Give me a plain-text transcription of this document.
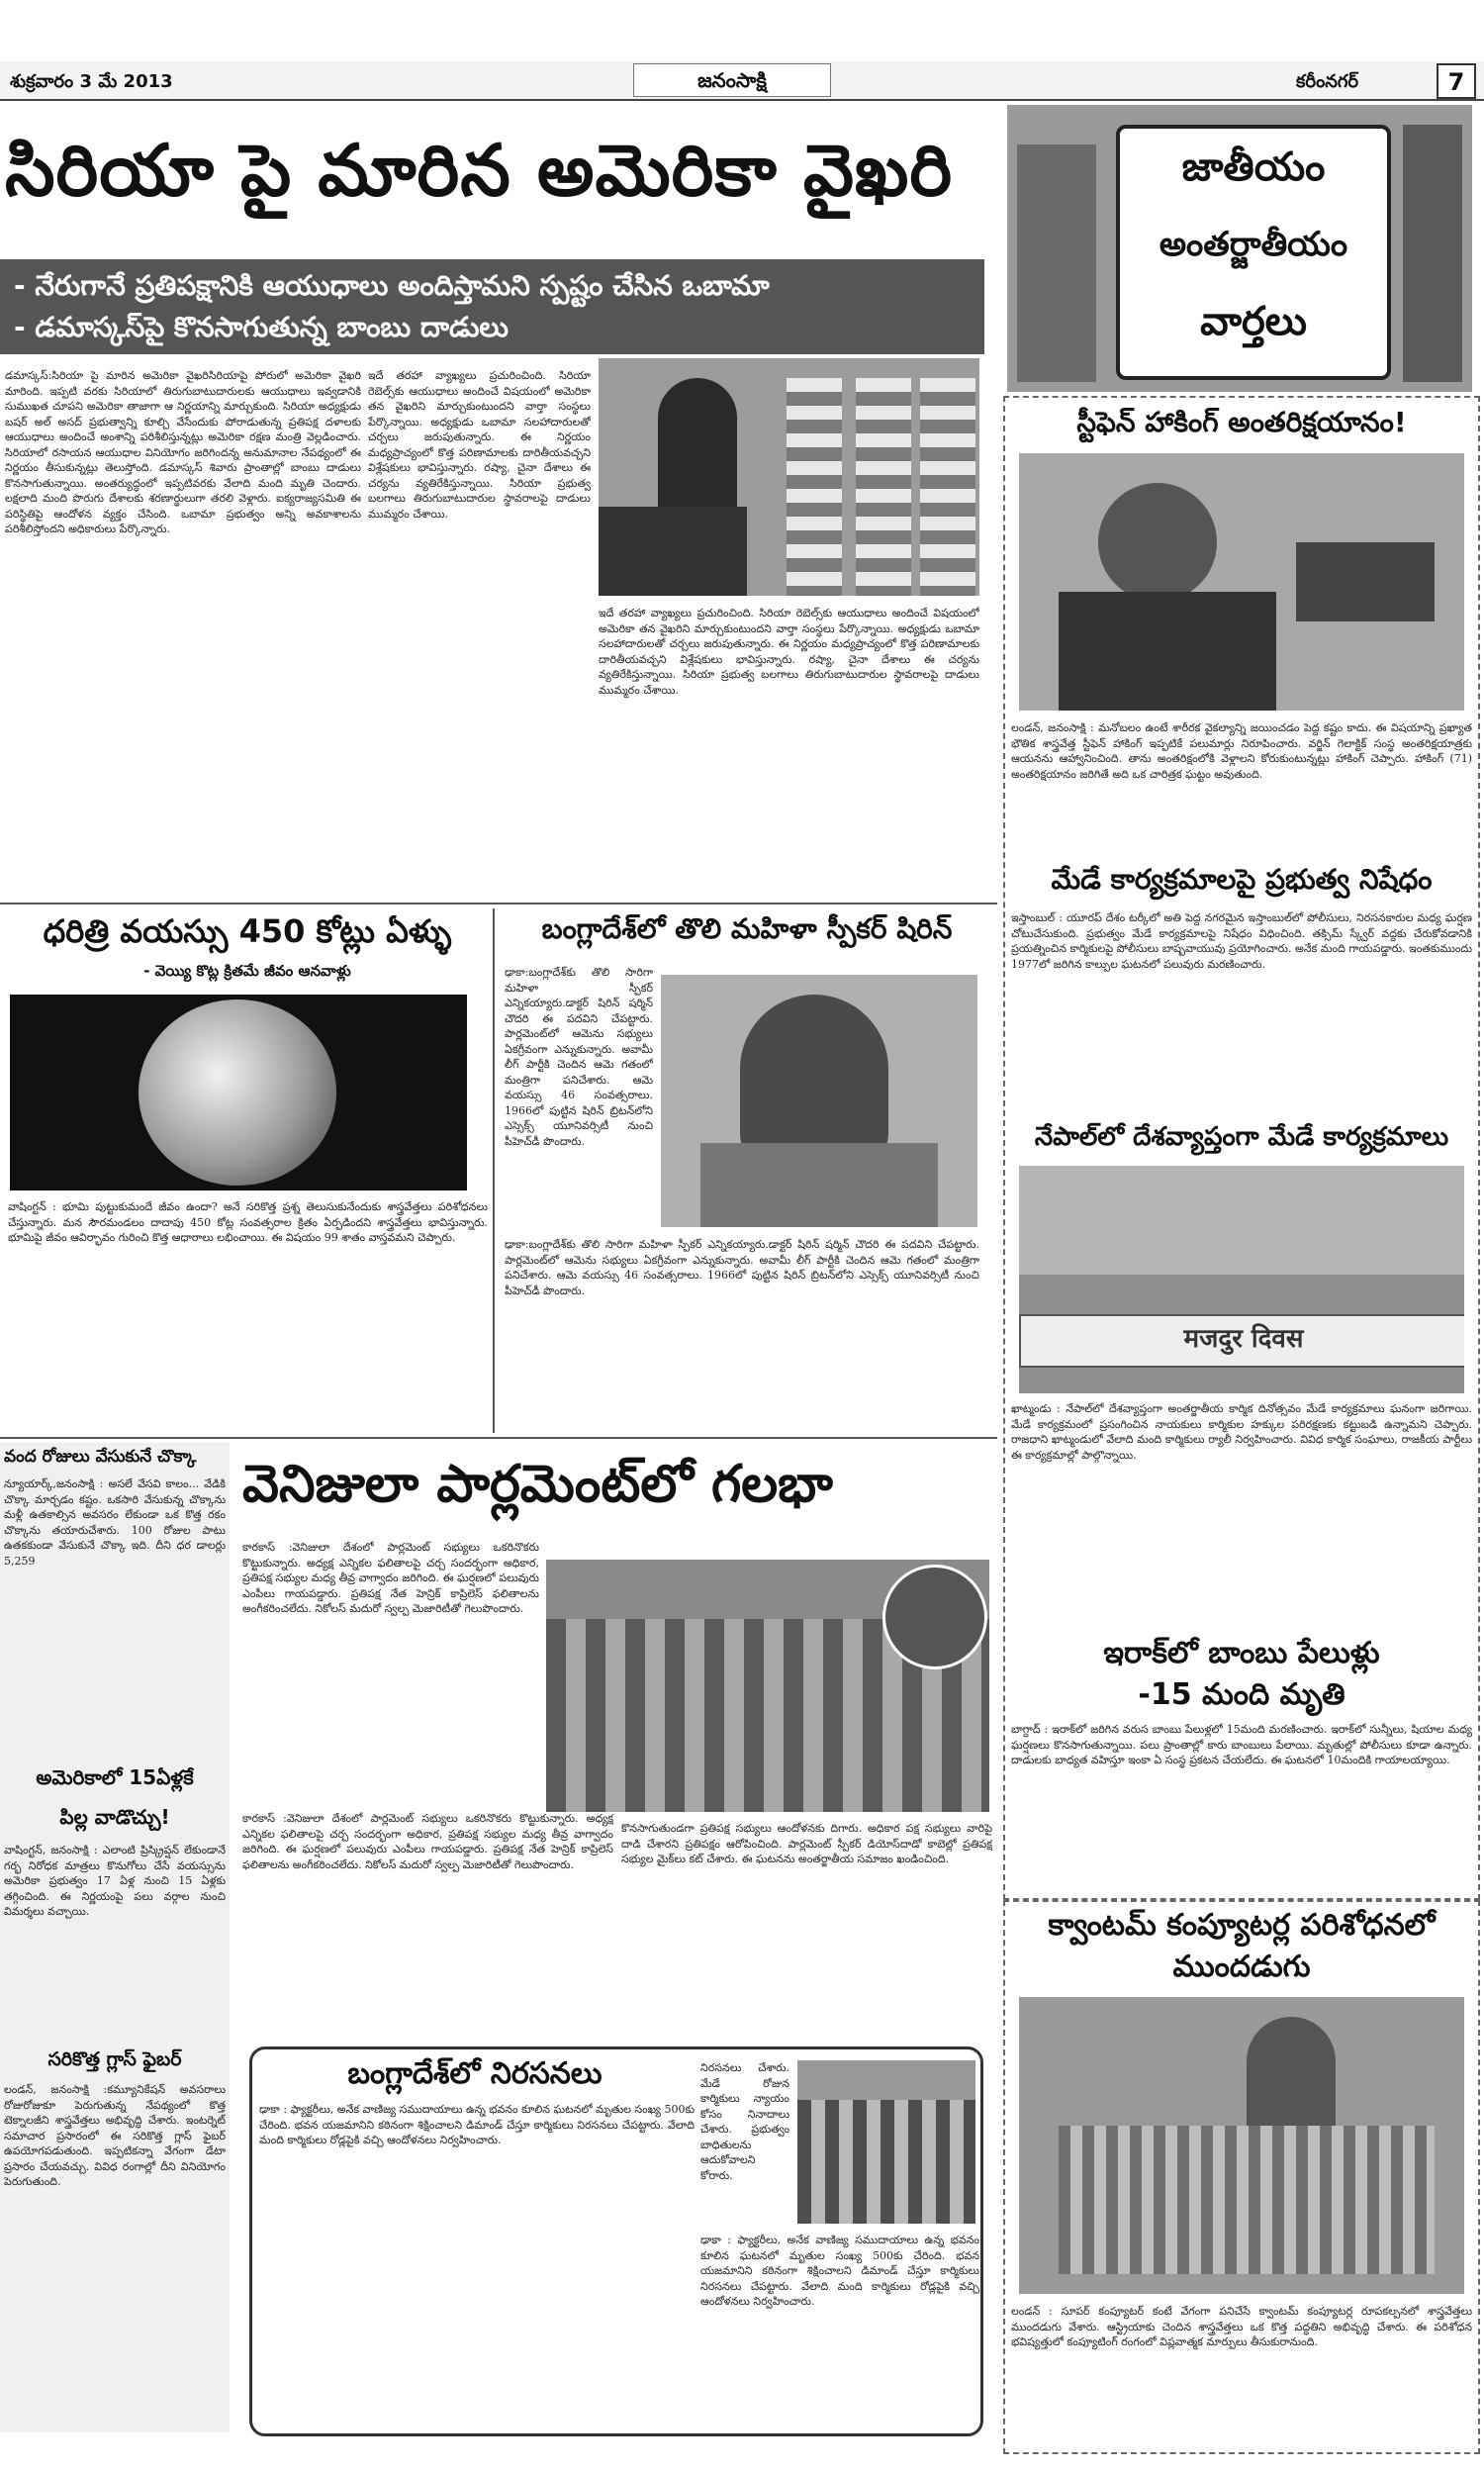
శుక్రవారం 3 మే 2013	జనంసాక్షి	కరీంనగర్	7
సిరియా పై మారిన అమెరికా వైఖరి
- నేరుగానే ప్రతిపక్షానికి ఆయుధాలు అందిస్తామని స్పష్టం చేసిన ఒబామా
- డమాస్కస్‌పై కొనసాగుతున్న బాంబు దాడులు
జాతీయం
అంతర్జాతీయం
వార్తలు
డమాస్కస్‌:సిరియా పై మారిన అమెరికా వైఖరిసిరియాపై పోరులో అమెరికా వైఖరి మారింది. ఇప్పటి వరకు సిరియాలో తిరుగుబాటుదారులకు ఆయుధాలు ఇవ్వడానికి సుముఖత చూపని అమెరికా తాజాగా ఆ నిర్ణయాన్ని మార్చుకుంది. సిరియా అధ్యక్షుడు బషర్‌ అల్‌ అసద్‌ ప్రభుత్వాన్ని కూల్చి వేసేందుకు పోరాడుతున్న ప్రతిపక్ష దళాలకు ఆయుధాలు అందించే అంశాన్ని పరిశీలిస్తున్నట్లు అమెరికా రక్షణ మంత్రి వెల్లడించారు. సిరియాలో రసాయన ఆయుధాల వినియోగం జరిగిందన్న అనుమానాల నేపథ్యంలో ఈ నిర్ణయం తీసుకున్నట్లు తెలుస్తోంది. డమాస్కస్‌ శివారు ప్రాంతాల్లో బాంబు దాడులు కొనసాగుతున్నాయి. అంతర్యుద్ధంలో ఇప్పటివరకు వేలాది మంది మృతి చెందారు. లక్షలాది మంది పొరుగు దేశాలకు శరణార్థులుగా తరలి వెళ్లారు. ఐక్యరాజ్యసమితి ఈ పరిస్థితిపై ఆందోళన వ్యక్తం చేసింది. ఒబామా ప్రభుత్వం అన్ని అవకాశాలను పరిశీలిస్తోందని అధికారులు పేర్కొన్నారు.
ఇదే తరహా వ్యాఖ్యలు ప్రచురించింది. సిరియా రెబెల్స్‌కు ఆయుధాలు అందించే విషయంలో అమెరికా తన వైఖరిని మార్చుకుంటుందని వార్తా సంస్థలు పేర్కొన్నాయి. అధ్యక్షుడు ఒబామా సలహాదారులతో చర్చలు జరుపుతున్నారు. ఈ నిర్ణయం మధ్యప్రాచ్యంలో కొత్త పరిణామాలకు దారితీయవచ్చని విశ్లేషకులు భావిస్తున్నారు. రష్యా, చైనా దేశాలు ఈ చర్యను వ్యతిరేకిస్తున్నాయి. సిరియా ప్రభుత్వ బలగాలు తిరుగుబాటుదారుల స్థావరాలపై దాడులు ముమ్మరం చేశాయి.
ఇదే తరహా వ్యాఖ్యలు ప్రచురించింది. సిరియా రెబెల్స్‌కు ఆయుధాలు అందించే విషయంలో అమెరికా తన వైఖరిని మార్చుకుంటుందని వార్తా సంస్థలు పేర్కొన్నాయి. అధ్యక్షుడు ఒబామా సలహాదారులతో చర్చలు జరుపుతున్నారు. ఈ నిర్ణయం మధ్యప్రాచ్యంలో కొత్త పరిణామాలకు దారితీయవచ్చని విశ్లేషకులు భావిస్తున్నారు. రష్యా, చైనా దేశాలు ఈ చర్యను వ్యతిరేకిస్తున్నాయి. సిరియా ప్రభుత్వ బలగాలు తిరుగుబాటుదారుల స్థావరాలపై దాడులు ముమ్మరం చేశాయి.
స్టీఫెన్‌ హాకింగ్‌ అంతరిక్షయానం!
లండన్‌, జనంసాక్షి : మనోబలం ఉంటే శారీరక వైకల్యాన్ని జయించడం పెద్ద కష్టం కాదు. ఈ విషయాన్ని ప్రఖ్యాత భౌతిక శాస్త్రవేత్త స్టీఫెన్‌ హాకింగ్‌ ఇప్పటికే పలుమార్లు నిరూపించారు. వర్జిన్‌ గెలాక్టిక్‌ సంస్థ అంతరిక్షయాత్రకు ఆయనను ఆహ్వానించింది. తాను అంతరిక్షంలోకి వెళ్లాలని కోరుకుంటున్నట్లు హాకింగ్‌ చెప్పారు. హాకింగ్‌ (71) అంతరిక్షయానం జరిగితే అది ఒక చారిత్రక ఘట్టం అవుతుంది.
మేడే కార్యక్రమాలపై ప్రభుత్వ నిషేధం
ఇస్తాంబుల్‌ : యూరప్‌ దేశం టర్కీలో అతి పెద్ద నగరమైన ఇస్తాంబుల్‌లో పోలీసులు, నిరసనకారుల మధ్య ఘర్షణ చోటుచేసుకుంది. ప్రభుత్వం మేడే కార్యక్రమాలపై నిషేధం విధించింది. తక్సిమ్‌ స్క్వేర్‌ వద్దకు చేరుకోవడానికి ప్రయత్నించిన కార్మికులపై పోలీసులు బాష్పవాయువు ప్రయోగించారు. అనేక మంది గాయపడ్డారు. ఇంతకుముందు 1977లో జరిగిన కాల్పుల ఘటనలో పలువురు మరణించారు.
నేపాల్‌లో దేశవ్యాప్తంగా మేడే కార్యక్రమాలు
मजदुर दिवस
ఖాట్మండు : నేపాల్‌లో దేశవ్యాప్తంగా అంతర్జాతీయ కార్మిక దినోత్సవం మేడే కార్యక్రమాలు ఘనంగా జరిగాయి. మేడే కార్యక్రమంలో ప్రసంగించిన నాయకులు కార్మికుల హక్కుల పరిరక్షణకు కట్టుబడి ఉన్నామని చెప్పారు. రాజధాని ఖాట్మండులో వేలాది మంది కార్మికులు ర్యాలీ నిర్వహించారు. వివిధ కార్మిక సంఘాలు, రాజకీయ పార్టీలు ఈ కార్యక్రమాల్లో పాల్గొన్నాయి.
ఇరాక్‌లో బాంబు పేలుళ్లు
-15 మంది మృతి
బాగ్దాద్‌ : ఇరాక్‌లో జరిగిన వరుస బాంబు పేలుళ్లలో 15మంది మరణించారు. ఇరాక్‌లో సున్నీలు, షియాల మధ్య ఘర్షణలు కొనసాగుతున్నాయి. పలు ప్రాంతాల్లో కారు బాంబులు పేలాయి. మృతుల్లో పోలీసులు కూడా ఉన్నారు. దాడులకు బాధ్యత వహిస్తూ ఇంకా ఏ సంస్థ ప్రకటన చేయలేదు. ఈ ఘటనలో 10మందికి గాయాలయ్యాయి.
క్వాంటమ్‌ కంప్యూటర్ల పరిశోధనలో
ముందడుగు
లండన్‌ : సూపర్‌ కంప్యూటర్‌ కంటే వేగంగా పనిచేసే క్వాంటమ్‌ కంప్యూటర్ల రూపకల్పనలో శాస్త్రవేత్తలు ముందడుగు వేశారు. ఆస్ట్రియాకు చెందిన శాస్త్రవేత్తలు ఒక కొత్త పద్ధతిని అభివృద్ధి చేశారు. ఈ పరిశోధన భవిష్యత్తులో కంప్యూటింగ్‌ రంగంలో విప్లవాత్మక మార్పులు తీసుకురానుంది.
ధరిత్రి వయస్సు 450 కోట్లు ఏళ్ళు
- వెయ్యి కొట్ల క్రితమే జీవం ఆనవాళ్లు
వాషింగ్టన్‌ : భూమి పుట్టుకుమందే జీవం ఉందా? అనే సరికొత్త ప్రశ్న తెలుసుకునేందుకు శాస్త్రవేత్తలు పరిశోధనలు చేస్తున్నారు. మన సౌరమండలం దాదాపు 450 కోట్ల సంవత్సరాల క్రితం ఏర్పడిందని శాస్త్రవేత్తలు భావిస్తున్నారు. భూమిపై జీవం ఆవిర్భావం గురించి కొత్త ఆధారాలు లభించాయి. ఈ విషయం 99 శాతం వాస్తవమని చెప్పారు.
బంగ్లాదేశ్‌లో తొలి మహిళా స్పీకర్‌ షిరిన్‌
ఢాకా:బంగ్లాదేశ్‌కు తొలి సారిగా మహిళా స్పీకర్‌ ఎన్నికయ్యారు.డాక్టర్‌ షిరిన్‌ షర్మిన్‌ చౌదరి ఈ పదవిని చేపట్టారు. పార్లమెంట్‌లో ఆమెను సభ్యులు ఏకగ్రీవంగా ఎన్నుకున్నారు. అవామీ లీగ్‌ పార్టీకి చెందిన ఆమె గతంలో మంత్రిగా పనిచేశారు. ఆమె వయస్సు 46 సంవత్సరాలు. 1966లో పుట్టిన షిరిన్‌ బ్రిటన్‌లోని ఎస్సెక్స్‌ యూనివర్సిటీ నుంచి పీహెచ్‌డీ పొందారు.
ఢాకా:బంగ్లాదేశ్‌కు తొలి సారిగా మహిళా స్పీకర్‌ ఎన్నికయ్యారు.డాక్టర్‌ షిరిన్‌ షర్మిన్‌ చౌదరి ఈ పదవిని చేపట్టారు. పార్లమెంట్‌లో ఆమెను సభ్యులు ఏకగ్రీవంగా ఎన్నుకున్నారు. అవామీ లీగ్‌ పార్టీకి చెందిన ఆమె గతంలో మంత్రిగా పనిచేశారు. ఆమె వయస్సు 46 సంవత్సరాలు. 1966లో పుట్టిన షిరిన్‌ బ్రిటన్‌లోని ఎస్సెక్స్‌ యూనివర్సిటీ నుంచి పీహెచ్‌డీ పొందారు.
వంద రోజులు వేసుకునే చొక్కా
న్యూయార్క్‌,జనంసాక్షి : అసలే వేసవి కాలం... వేడికి చొక్కా మార్చడం కష్టం. ఒకసారి వేసుకున్న చొక్కాను మళ్లీ ఉతకాల్సిన అవసరం లేకుండా ఒక కొత్త రకం చొక్కాను తయారుచేశారు. 100 రోజుల పాటు ఉతకకుండా వేసుకునే చొక్కా ఇది. దీని ధర డాలర్లు 5,259
అమెరికాలో 15ఏళ్లకే
పిల్ల వాడొచ్చు!
వాషింగ్టన్‌, జనంసాక్షి : ఎలాంటి ప్రిస్క్రిప్షన్‌ లేకుండానే గర్భ నిరోధక మాత్రలు కొనుగోలు చేసే వయస్సును అమెరికా ప్రభుత్వం 17 ఏళ్ల నుంచి 15 ఏళ్లకు తగ్గించింది. ఈ నిర్ణయంపై పలు వర్గాల నుంచి విమర్శలు వచ్చాయి.
సరికొత్త గ్లాస్‌ ఫైబర్‌
లండన్‌, జనంసాక్షి :కమ్యూనికేషన్‌ అవసరాలు రోజురోజుకూ పెరుగుతున్న నేపథ్యంలో కొత్త టెక్నాలజీని శాస్త్రవేత్తలు అభివృద్ధి చేశారు. ఇంటర్నెట్‌ సమాచార ప్రసారంలో ఈ సరికొత్త గ్లాస్‌ ఫైబర్‌ ఉపయోగపడుతుంది. ఇప్పటికన్నా వేగంగా డేటా ప్రసారం చేయవచ్చు. వివిధ రంగాల్లో దీని వినియోగం పెరుగుతుంది.
వెనిజులా పార్లమెంట్‌లో గలభా
కారకాస్‌ :వెనిజులా దేశంలో పార్లమెంట్‌ సభ్యులు ఒకరినొకరు కొట్టుకున్నారు. అధ్యక్ష ఎన్నికల ఫలితాలపై చర్చ సందర్భంగా అధికార, ప్రతిపక్ష సభ్యుల మధ్య తీవ్ర వాగ్వాదం జరిగింది. ఈ ఘర్షణలో పలువురు ఎంపీలు గాయపడ్డారు. ప్రతిపక్ష నేత హెన్రిక్‌ కాప్రిలెస్‌ ఫలితాలను అంగీకరించలేదు. నికోలస్‌ మదురో స్వల్ప మెజారిటీతో గెలుపొందారు.
కారకాస్‌ :వెనిజులా దేశంలో పార్లమెంట్‌ సభ్యులు ఒకరినొకరు కొట్టుకున్నారు. అధ్యక్ష ఎన్నికల ఫలితాలపై చర్చ సందర్భంగా అధికార, ప్రతిపక్ష సభ్యుల మధ్య తీవ్ర వాగ్వాదం జరిగింది. ఈ ఘర్షణలో పలువురు ఎంపీలు గాయపడ్డారు. ప్రతిపక్ష నేత హెన్రిక్‌ కాప్రిలెస్‌ ఫలితాలను అంగీకరించలేదు. నికోలస్‌ మదురో స్వల్ప మెజారిటీతో గెలుపొందారు.
కొనసాగుతుండగా ప్రతిపక్ష సభ్యులు ఆందోళనకు దిగారు. అధికార పక్ష సభ్యులు వారిపై దాడి చేశారని ప్రతిపక్షం ఆరోపించింది. పార్లమెంట్‌ స్పీకర్‌ డియోస్‌దాడో కాబెల్లో ప్రతిపక్ష సభ్యుల మైక్‌లు కట్‌ చేశారు. ఈ ఘటనను అంతర్జాతీయ సమాజం ఖండించింది.
బంగ్లాదేశ్‌లో నిరసనలు
ఢాకా : ఫ్యాక్టరీలు, అనేక వాణిజ్య సముదాయాలు ఉన్న భవనం కూలిన ఘటనలో మృతుల సంఖ్య 500కు చేరింది. భవన యజమానిని కఠినంగా శిక్షించాలని డిమాండ్‌ చేస్తూ కార్మికులు నిరసనలు చేపట్టారు. వేలాది మంది కార్మికులు రోడ్లపైకి వచ్చి ఆందోళనలు నిర్వహించారు.
నిరసనలు చేశారు. మేడే రోజున కార్మికులు న్యాయం కోసం నినాదాలు చేశారు. ప్రభుత్వం బాధితులను ఆదుకోవాలని కోరారు.
ఢాకా : ఫ్యాక్టరీలు, అనేక వాణిజ్య సముదాయాలు ఉన్న భవనం కూలిన ఘటనలో మృతుల సంఖ్య 500కు చేరింది. భవన యజమానిని కఠినంగా శిక్షించాలని డిమాండ్‌ చేస్తూ కార్మికులు నిరసనలు చేపట్టారు. వేలాది మంది కార్మికులు రోడ్లపైకి వచ్చి ఆందోళనలు నిర్వహించారు.
